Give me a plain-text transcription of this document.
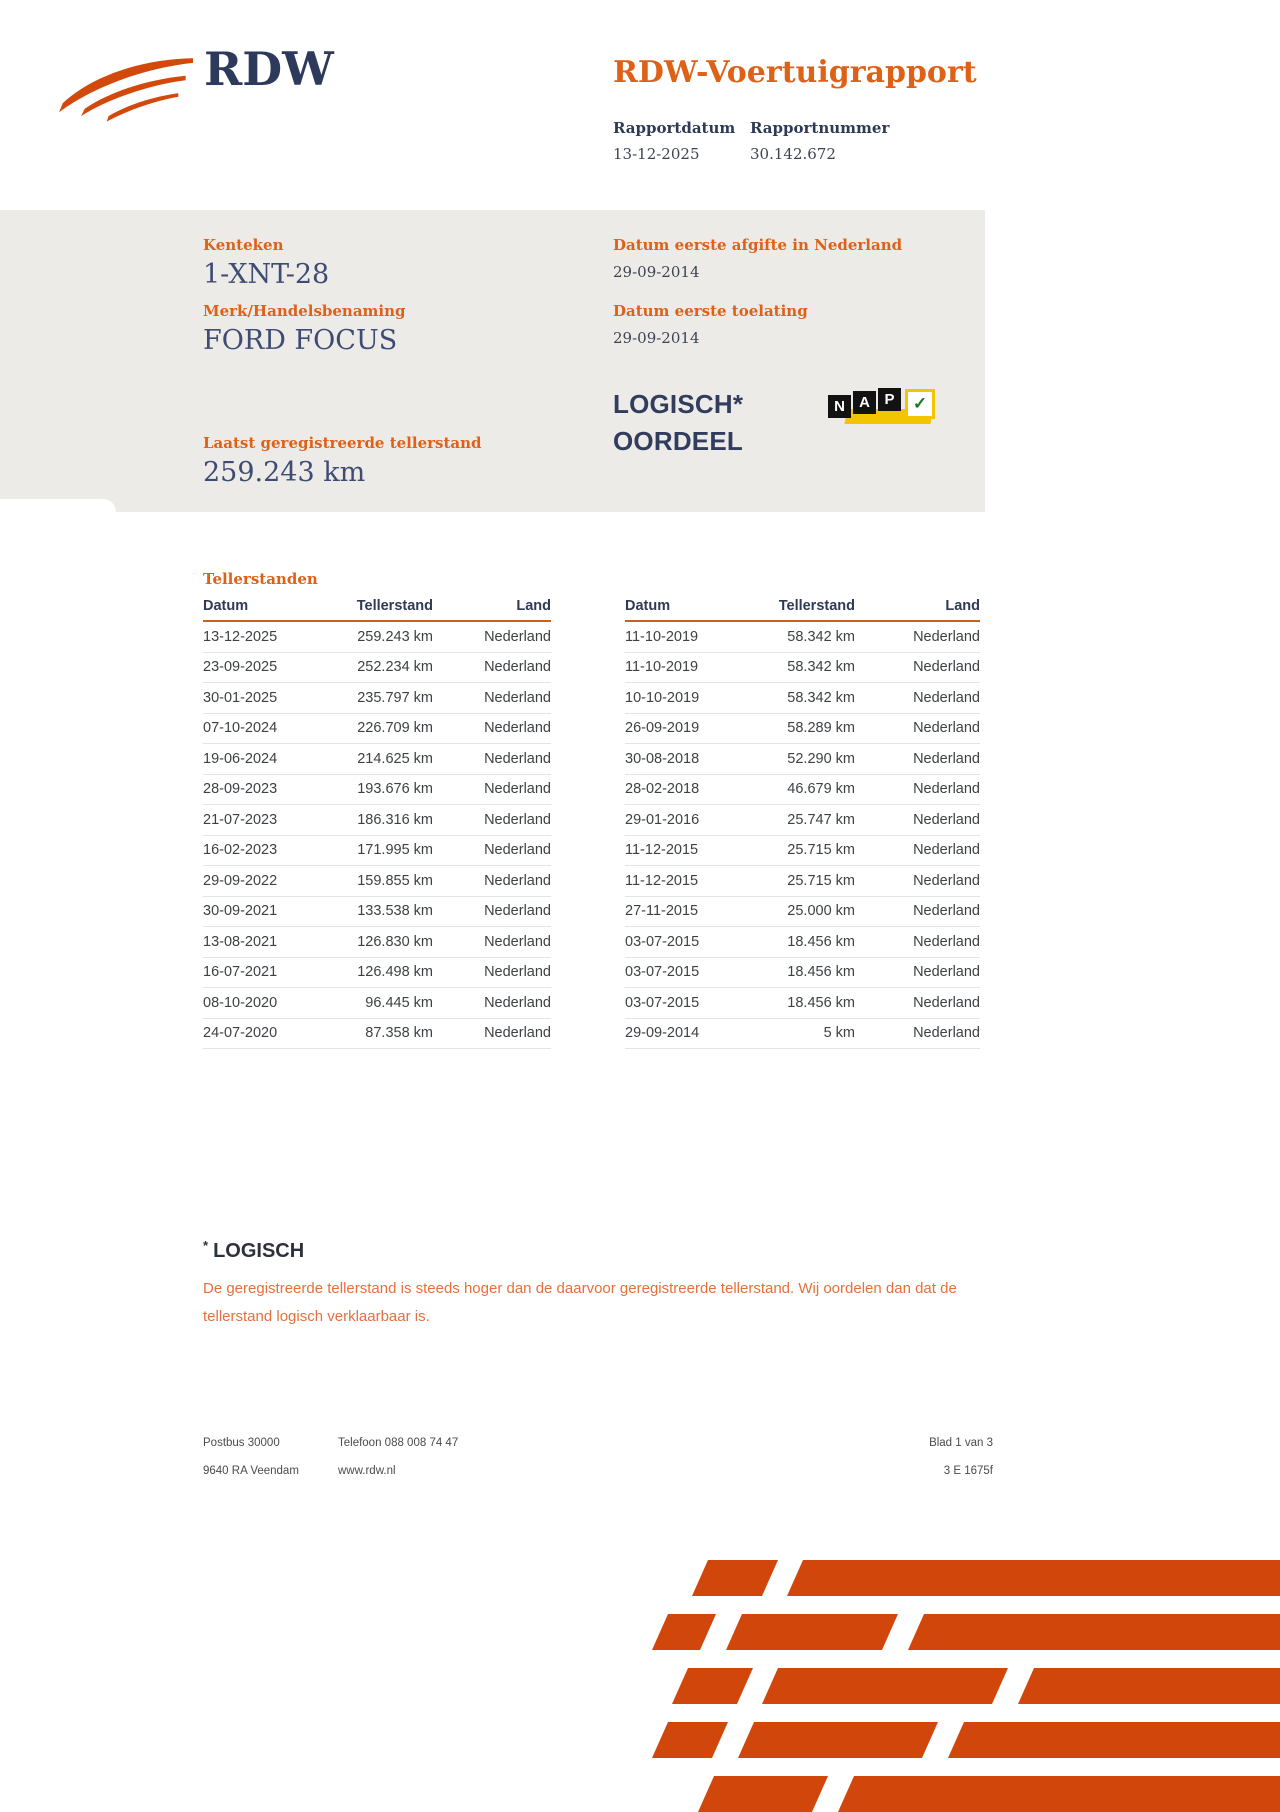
RDW	RDW-Voertuigrapport
Rapportdatum
13-12-2025
Rapportnummer
30.142.672
Kenteken
1-XNT-28
Merk/Handelsbenaming
FORD FOCUS
Laatst geregistreerde tellerstand
259.243 km
Datum eerste afgifte in Nederland
29-09-2014
Datum eerste toelating
29-09-2014
LOGISCH*
OORDEEL
N A P	✓
Tellerstanden
Datum	Tellerstand	Land
13-12-2025	259.243 km	Nederland
23-09-2025	252.234 km	Nederland
30-01-2025	235.797 km	Nederland
07-10-2024	226.709 km	Nederland
19-06-2024	214.625 km	Nederland
28-09-2023	193.676 km	Nederland
21-07-2023	186.316 km	Nederland
16-02-2023	171.995 km	Nederland
29-09-2022	159.855 km	Nederland
30-09-2021	133.538 km	Nederland
13-08-2021	126.830 km	Nederland
16-07-2021	126.498 km	Nederland
08-10-2020	96.445 km	Nederland
24-07-2020	87.358 km	Nederland
Datum	Tellerstand	Land
11-10-2019	58.342 km	Nederland
11-10-2019	58.342 km	Nederland
10-10-2019	58.342 km	Nederland
26-09-2019	58.289 km	Nederland
30-08-2018	52.290 km	Nederland
28-02-2018	46.679 km	Nederland
29-01-2016	25.747 km	Nederland
11-12-2015	25.715 km	Nederland
11-12-2015	25.715 km	Nederland
27-11-2015	25.000 km	Nederland
03-07-2015	18.456 km	Nederland
03-07-2015	18.456 km	Nederland
03-07-2015	18.456 km	Nederland
29-09-2014	5 km	Nederland
* LOGISCH

De geregistreerde tellerstand is steeds hoger dan de daarvoor geregistreerde tellerstand. Wij oordelen dan dat de tellerstand logisch verklaarbaar is.

Postbus 30000
9640 RA Veendam
Telefoon 088 008 74 47
www.rdw.nl
Blad 1 van 3
3 E 1675f
